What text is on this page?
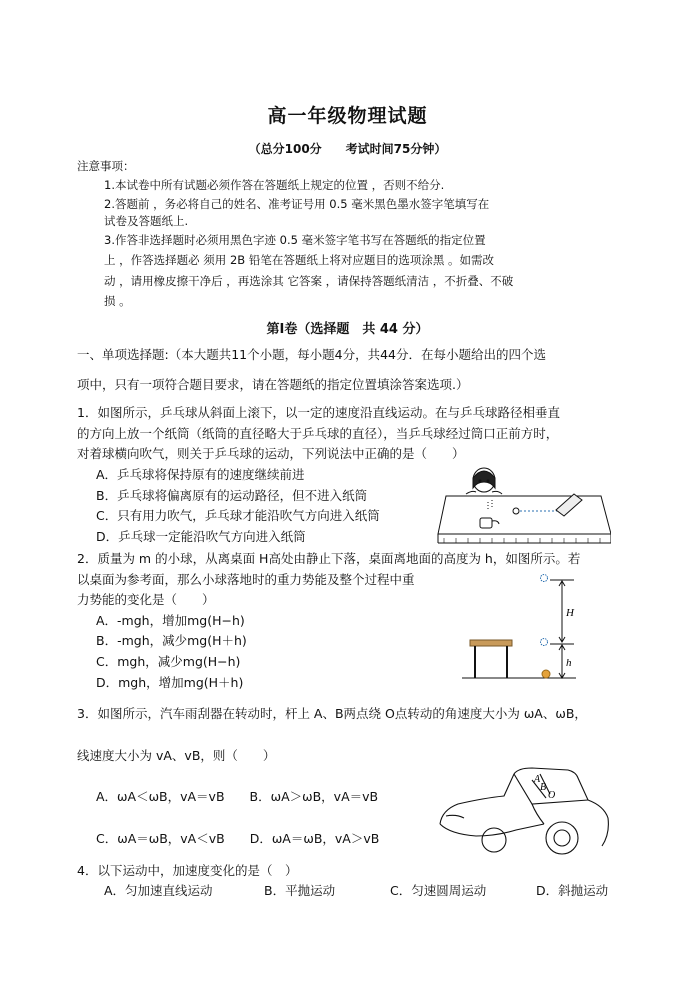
高一年级物理试题
（总分100分　　考试时间75分钟）
注意事项：
1.本试卷中所有试题必须作答在答题纸上规定的位置 ，否则不给分.
2.答题前 ，务必将自己的姓名、准考证号用 0.5 毫米黑色墨水签字笔填写在
试卷及答题纸上.
3.作答非选择题时必须用黑色字迹 0.5 毫米签字笔书写在答题纸的指定位置
上 ，作答选择题必 须用 2B 铅笔在答题纸上将对应题目的选项涂黑 。如需改
动 ，请用橡皮擦干净后 ，再选涂其 它答案 ，请保持答题纸清洁 ，不折叠、不破
损 。
第Ⅰ卷（选择题　共 44 分）
一、单项选择题:（本大题共11个小题，每小题4分，共44分．在每小题给出的四个选
项中，只有一项符合题目要求，请在答题纸的指定位置填涂答案选项.）
1．如图所示，乒乓球从斜面上滚下，以一定的速度沿直线运动。在与乒乓球路径相垂直
的方向上放一个纸筒（纸筒的直径略大于乒乓球的直径），当乒乓球经过筒口正前方时，
对着球横向吹气，则关于乒乓球的运动，下列说法中正确的是（　　）
A．乒乓球将保持原有的速度继续前进
B．乒乓球将偏离原有的运动路径，但不进入纸筒
C．只有用力吹气，乒乓球才能沿吹气方向进入纸筒
D．乒乓球一定能沿吹气方向进入纸筒
2．质量为 m 的小球，从离桌面 H高处由静止下落，桌面离地面的高度为 h，如图所示。若
以桌面为参考面，那么小球落地时的重力势能及整个过程中重
力势能的变化是（　　）
A．-mgh，增加mg(H−h)
B．-mgh，减少mg(H＋h)
C．mgh，减少mg(H−h)
D．mgh，增加mg(H＋h)
H
h
3．如图所示，汽车雨刮器在转动时，杆上 A、B两点绕 O点转动的角速度大小为 ωA、ωB，
线速度大小为 vA、vB，则（　　）
A．ωA＜ωB，vA＝vB　　B．ωA＞ωB，vA＝vB
C．ωA＝ωB，vA＜vB　　D．ωA＝ωB，vA＞vB
A
B
O
4．以下运动中，加速度变化的是（　）
A．匀加速直线运动	B．平抛运动	C．匀速圆周运动	D．斜抛运动
